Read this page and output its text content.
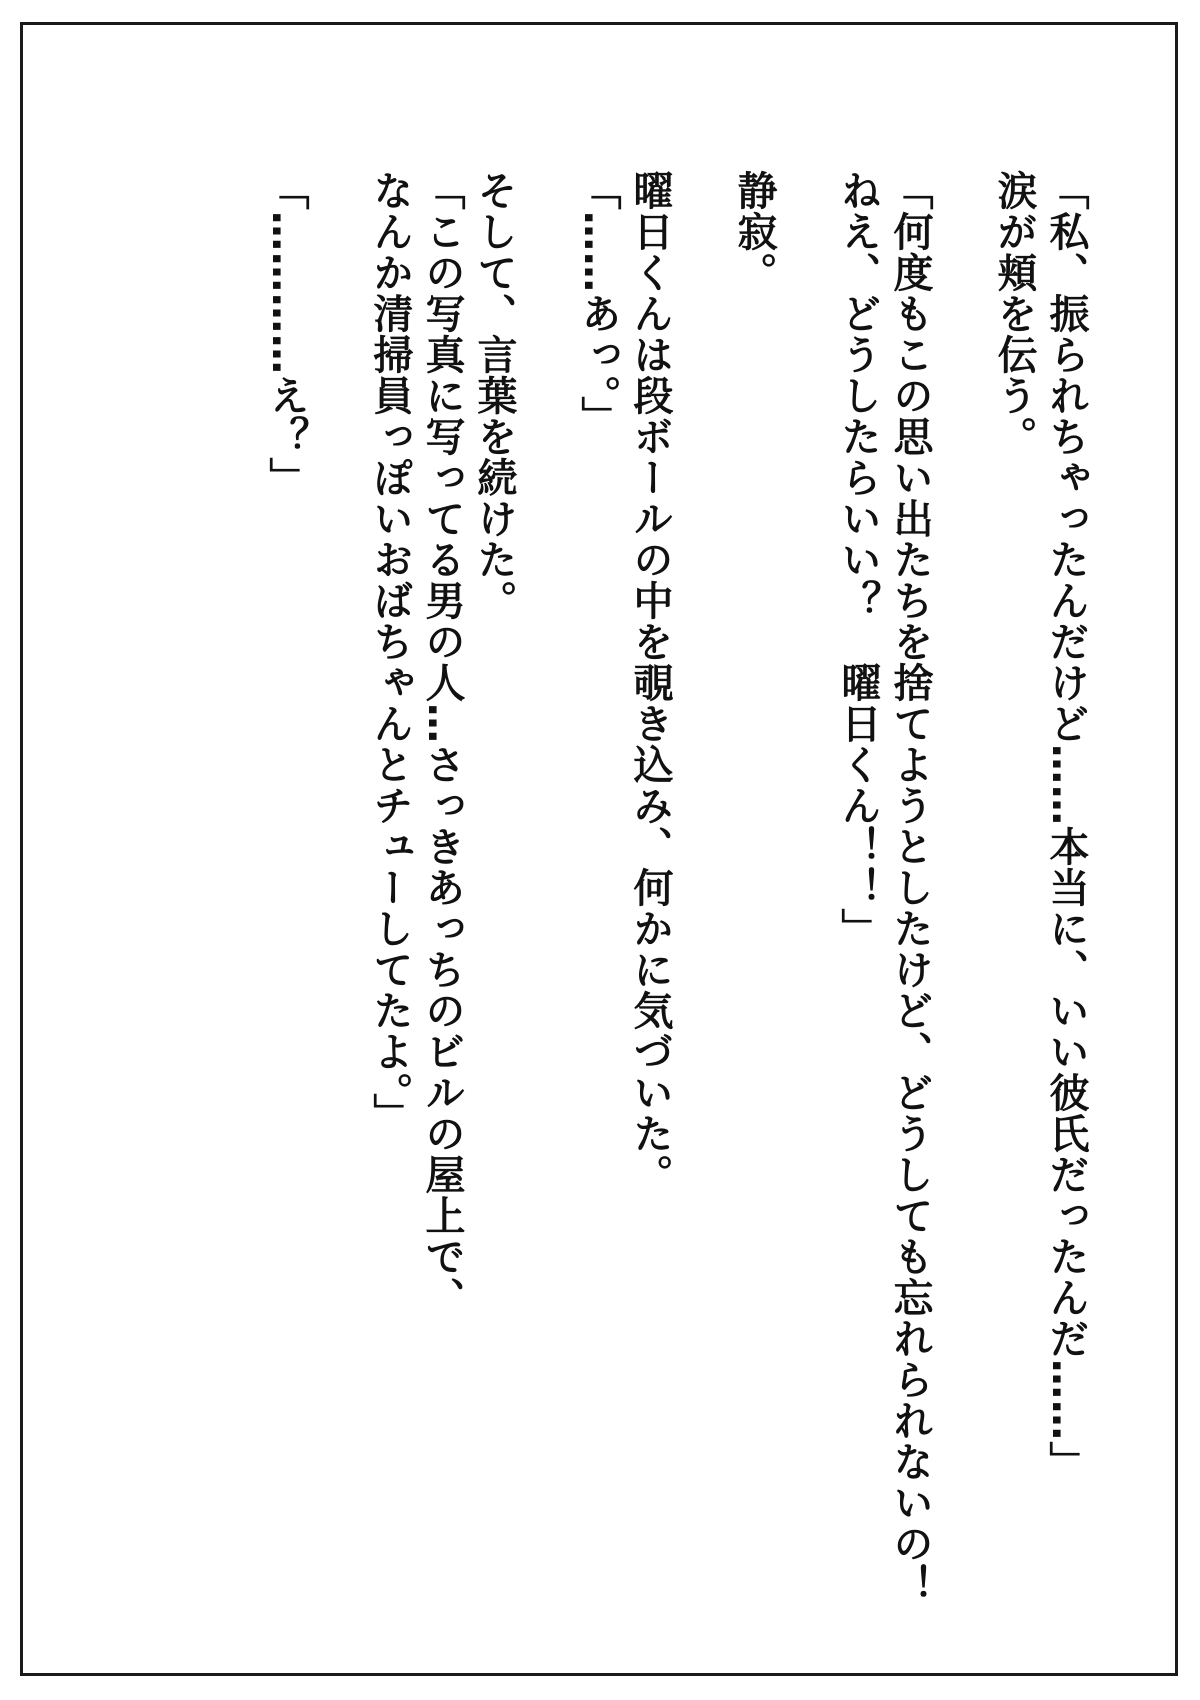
「私、振られちゃったんだけど……本当に、いい彼氏だったんだ……」
涙が頬を伝う。
「何度もこの思い出たちを捨てようとしたけど、どうしても忘れられないの！
ねえ、どうしたらいい？　曜日くん！！」
静寂。
曜日くんは段ボールの中を覗き込み、何かに気づいた。
「……あっ。」
そして、言葉を続けた。
「この写真に写ってる男の人…さっきあっちのビルの屋上で、
なんか清掃員っぽいおばちゃんとチューしてたよ。」
「…………え？」
